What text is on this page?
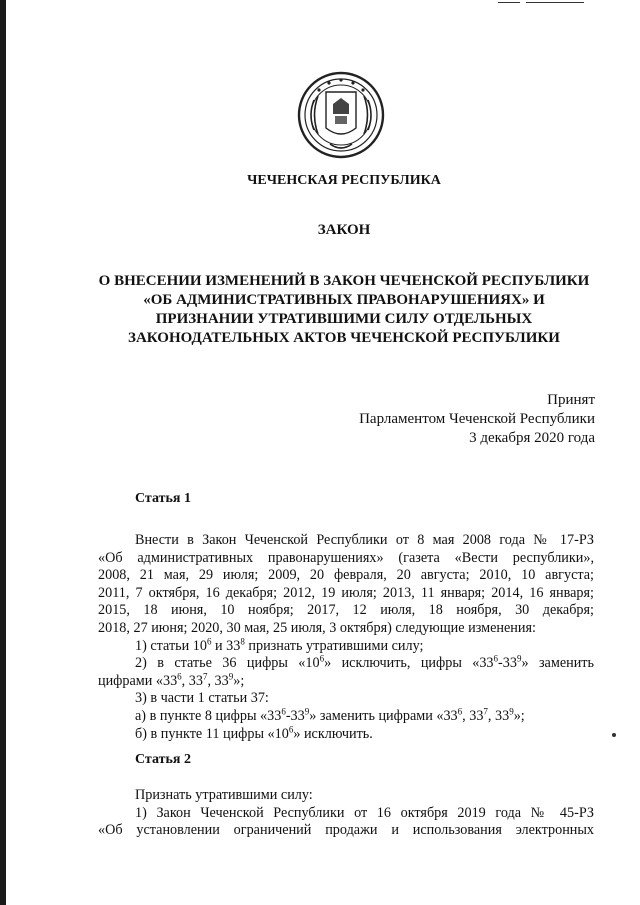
ЧЕЧЕНСКАЯ РЕСПУБЛИКА
ЗАКОН
О ВНЕСЕНИИ ИЗМЕНЕНИЙ В ЗАКОН ЧЕЧЕНСКОЙ РЕСПУБЛИКИ
«ОБ АДМИНИСТРАТИВНЫХ ПРАВОНАРУШЕНИЯХ» И
ПРИЗНАНИИ УТРАТИВШИМИ СИЛУ ОТДЕЛЬНЫХ
ЗАКОНОДАТЕЛЬНЫХ АКТОВ ЧЕЧЕНСКОЙ РЕСПУБЛИКИ
Принят
Парламентом Чеченской Республики
3 декабря 2020 года
Статья 1
Внести в Закон Чеченской Республики от 8 мая 2008 года № 17-РЗ
«Об административных правонарушениях» (газета «Вести республики»,
2008, 21 мая, 29 июля; 2009, 20 февраля, 20 августа; 2010, 10 августа;
2011, 7 октября, 16 декабря; 2012, 19 июля; 2013, 11 января; 2014, 16 января;
2015, 18 июня, 10 ноября; 2017, 12 июля, 18 ноября, 30 декабря;
2018, 27 июня; 2020, 30 мая, 25 июля, 3 октября) следующие изменения:
1) статьи $10^6$ и $33^8$ признать утратившими силу;
2) в статье 36 цифры «$10^6$» исключить, цифры «$33^6-33^9$» заменить
цифрами «$33^6$, $33^7$, $33^9$»;
3) в части 1 статьи 37:
а) в пункте 8 цифры «$33^6-33^9$» заменить цифрами «$33^6$, $33^7$, $33^9$»;
б) в пункте 11 цифры «$10^6$» исключить.
Статья 2
Признать утратившими силу:
1) Закон Чеченской Республики от 16 октября 2019 года № 45-РЗ
«Об установлении ограничений продажи и использования электронных
